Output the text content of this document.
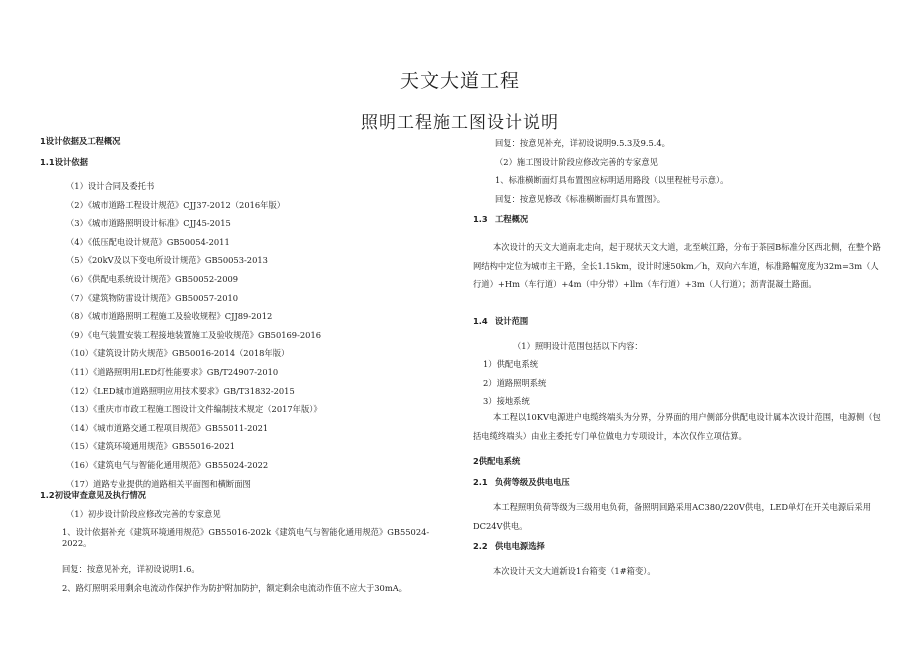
天文大道工程
照明工程施工图设计说明
1设计依据及工程概况
1.1设计依据
（1）设计合同及委托书
（2）《城市道路工程设计规范》CJJ37-2012（2016年版）
（3）《城市道路照明设计标准》CJJ45-2015
（4）《低压配电设计规范》GB50054-2011
（5）《20kV及以下变电所设计规范》GB50053-2013
（6）《供配电系统设计规范》GB50052-2009
（7）《建筑物防雷设计规范》GB50057-2010
（8）《城市道路照明工程施工及验收规程》CJJ89-2012
（9）《电气装置安装工程接地装置施工及验收规范》GB50169-2016
（10）《建筑设计防火规范》GB50016-2014（2018年版）
（11）《道路照明用LED灯性能要求》GB/T24907-2010
（12）《LED城市道路照明应用技术要求》GB/T31832-2015
（13）《重庆市市政工程施工图设计文件编制技术规定（2017年版）》
（14）《城市道路交通工程项目规范》GB55011-2021
（15）《建筑环境通用规范》GB55016-2021
（16）《建筑电气与智能化通用规范》GB55024-2022
（17）道路专业提供的道路相关平面图和横断面图
1.2初设审查意见及执行情况
（1）初步设计阶段应修改完善的专家意见
1、设计依据补充《建筑环境通用规范》GB55016-202k《建筑电气与智能化通用规范》GB55024-2022。
回复：按意见补充，详初设说明1.6。
2、路灯照明采用剩余电流动作保护作为防护附加防护，额定剩余电流动作值不应大于30mA。
回复：按意见补充，详初设说明9.5.3及9.5.4。
（2）施工图设计阶段应修改完善的专家意见
1、标准横断面灯具布置图应标明适用路段（以里程桩号示意）。
回复：按意见修改《标准横断面灯具布置图》。
1.3 工程概况
本次设计的天文大道南北走向，起于现状天文大道，北至峡江路，分布于茶园B标准分区西北侧，在整个路网结构中定位为城市主干路，全长1.15km，设计时速50km／h，双向六车道，标准路幅宽度为32m=3m（人行道）+Hm（车行道）+4m（中分带）+llm（车行道）+3m（人行道）；沥青混凝土路面。
1.4 设计范围
（1）照明设计范围包括以下内容：
1）供配电系统
2）道路照明系统
3）接地系统
本工程以10KV电源进户电缆终端头为分界，分界面的用户侧部分供配电设计属本次设计范围，电源侧（包括电缆终端头）由业主委托专门单位做电力专项设计，本次仅作立项估算。
2供配电系统
2.1 负荷等级及供电电压
本工程照明负荷等级为三级用电负荷，备照明回路采用AC380/220V供电，LED单灯在开关电源后采用DC24V供电。
2.2 供电电源选择
本次设计天文大道新设1台箱变（1#箱变）。
